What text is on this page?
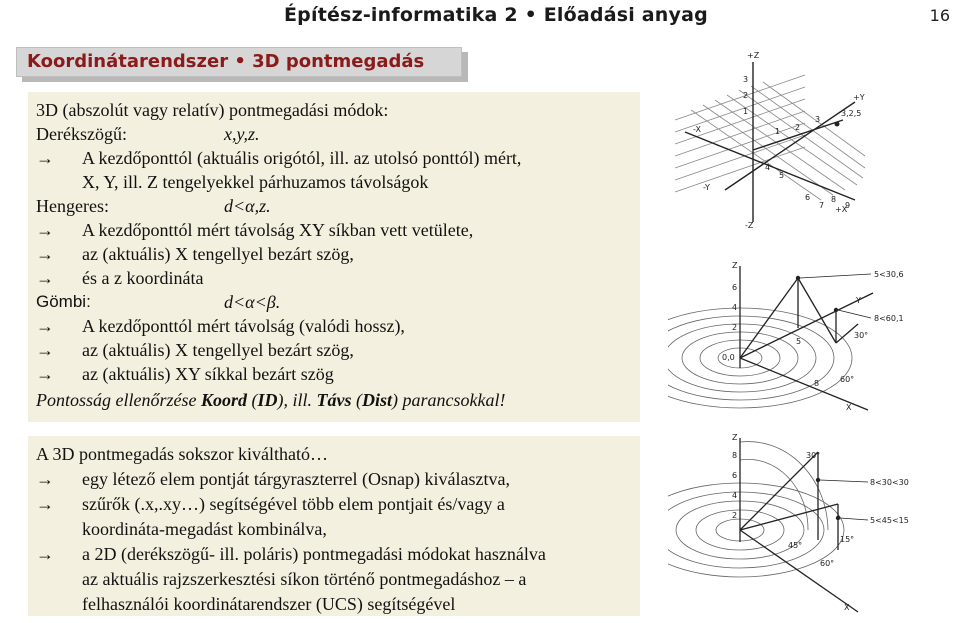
Építész-informatika 2 • Előadási anyag	16
Koordinátarendszer • 3D pontmegadás
3D (abszolút vagy relatív) pontmegadási módok:
Derékszögű:	x,y,z.
→ A kezdőponttól (aktuális origótól, ill. az utolsó ponttól) mért,
X, Y, ill. Z tengelyekkel párhuzamos távolságok
Hengeres:	d<α,z.
→ A kezdőponttól mért távolság XY síkban vett vetülete,
→ az (aktuális) X tengellyel bezárt szög,
→ és a z koordináta
Gömbi:	d<α<β.
→ A kezdőponttól mért távolság (valódi hossz),
→ az (aktuális) X tengellyel bezárt szög,
→ az (aktuális) XY síkkal bezárt szög
Pontosság ellenőrzése Koord (ID), ill. Távs (Dist) parancsokkal!
A 3D pontmegadás sokszor kiváltható…
→ egy létező elem pontját tárgyraszterrel (Osnap) kiválasztva,
→ szűrők (.x,.xy…) segítségével több elem pontjait és/vagy a
koordináta-megadást kombinálva,
→ a 2D (derékszögű- ill. poláris) pontmegadási módokat használva
az aktuális rajzszerkesztési síkon történő pontmegadáshoz – a
felhasználói koordinátarendszer (UCS) segítségével
+Z
+Y
-X
-Y
+X
-Z
3,2,5
3
2
1
1 2
3
4
5
6
7
8
9
Z
5<30,6
8<60,1
0,0
Y
30°
60°
X
5
8
6
4
2
Z
8<30<30
5<45<15
30°
15°
45°
60°
X
8
6
4
2
